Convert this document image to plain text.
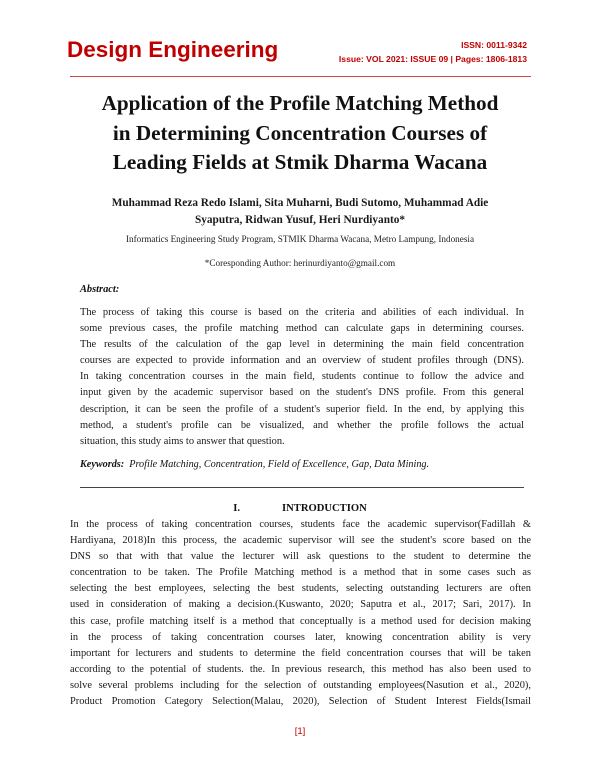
Design Engineering	ISSN: 0011-9342
Issue: VOL 2021: ISSUE 09 | Pages: 1806-1813
Application of the Profile Matching Method
in Determining Concentration Courses of
Leading Fields at Stmik Dharma Wacana
Muhammad Reza Redo Islami, Sita Muharni, Budi Sutomo, Muhammad Adie
Syaputra, Ridwan Yusuf, Heri Nurdiyanto*
Informatics Engineering Study Program, STMIK Dharma Wacana, Metro Lampung, Indonesia
*Coresponding Author: herinurdiyanto@gmail.com
Abstract:
The process of taking this course is based on the criteria and abilities of each individual. In
some previous cases, the profile matching method can calculate gaps in determining courses.
The results of the calculation of the gap level in determining the main field concentration
courses are expected to provide information and an overview of student profiles through (DNS).
In taking concentration courses in the main field, students continue to follow the advice and
input given by the academic supervisor based on the student's DNS profile. From this general
description, it can be seen the profile of a student's superior field. In the end, by applying this
method, a student's profile can be visualized, and whether the profile follows the actual
situation, this study aims to answer that question.
Keywords: Profile Matching, Concentration, Field of Excellence, Gap, Data Mining.
I.	INTRODUCTION
In the process of taking concentration courses, students face the academic supervisor(Fadillah &
Hardiyana, 2018)In this process, the academic supervisor will see the student's score based on the
DNS so that with that value the lecturer will ask questions to the student to determine the
concentration to be taken. The Profile Matching method is a method that in some cases such as
selecting the best employees, selecting the best students, selecting outstanding lecturers are often
used in consideration of making a decision.(Kuswanto, 2020; Saputra et al., 2017; Sari, 2017). In
this case, profile matching itself is a method that conceptually is a method used for decision making
in the process of taking concentration courses later, knowing concentration ability is very
important for lecturers and students to determine the field concentration courses that will be taken
according to the potential of students. the. In previous research, this method has also been used to
solve several problems including for the selection of outstanding employees(Nasution et al., 2020),
Product Promotion Category Selection(Malau, 2020), Selection of Student Interest Fields(Ismail
[1]
